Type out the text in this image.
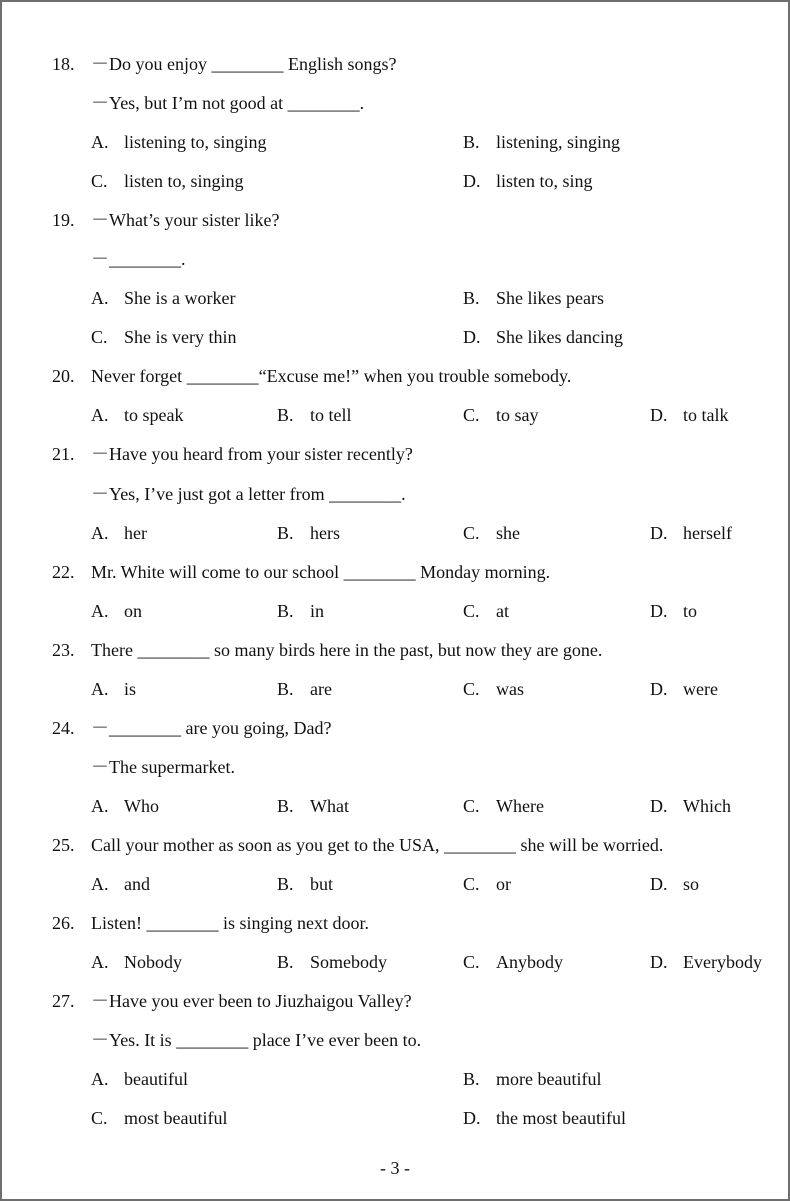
18. －Do you enjoy ________ English songs?
－Yes, but I’m not good at ________.
A. listening to, singing	B. listening, singing
C. listen to, singing	D. listen to, sing
19. －What’s your sister like?
－________.
A. She is a worker	B. She likes pears
C. She is very thin	D. She likes dancing
20. Never forget ________“Excuse me!” when you trouble somebody.
A. to speak	B. to tell	C. to say	D. to talk
21. －Have you heard from your sister recently?
－Yes, I’ve just got a letter from ________.
A. her	B. hers	C. she	D. herself
22. Mr. White will come to our school ________ Monday morning.
A. on	B. in	C. at	D. to
23. There ________ so many birds here in the past, but now they are gone.
A. is	B. are	C. was	D. were
24. －________ are you going, Dad?
－The supermarket.
A. Who	B. What	C. Where	D. Which
25. Call your mother as soon as you get to the USA, ________ she will be worried.
A. and	B. but	C. or	D. so
26. Listen! ________ is singing next door.
A. Nobody	B. Somebody	C. Anybody	D. Everybody
27. －Have you ever been to Jiuzhaigou Valley?
－Yes. It is ________ place I’ve ever been to.
A. beautiful	B. more beautiful
C. most beautiful	D. the most beautiful
- 3 -
